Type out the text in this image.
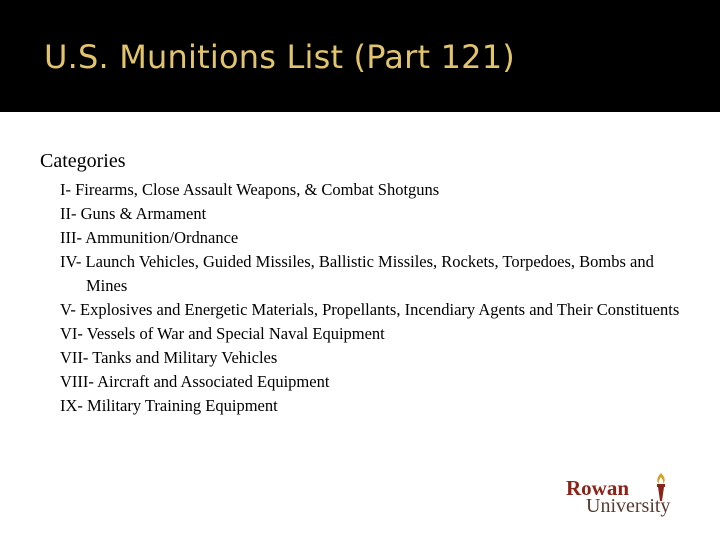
U.S. Munitions List (Part 121)
Categories
I- Firearms, Close Assault Weapons, & Combat Shotguns
II- Guns & Armament
III- Ammunition/Ordnance
IV- Launch Vehicles, Guided Missiles, Ballistic Missiles, Rockets, Torpedoes, Bombs and Mines
V- Explosives and Energetic Materials, Propellants, Incendiary Agents and Their Constituents
VI- Vessels of War and Special Naval Equipment
VII- Tanks and Military Vehicles
VIII- Aircraft and Associated Equipment
IX- Military Training Equipment
Rowan
University
